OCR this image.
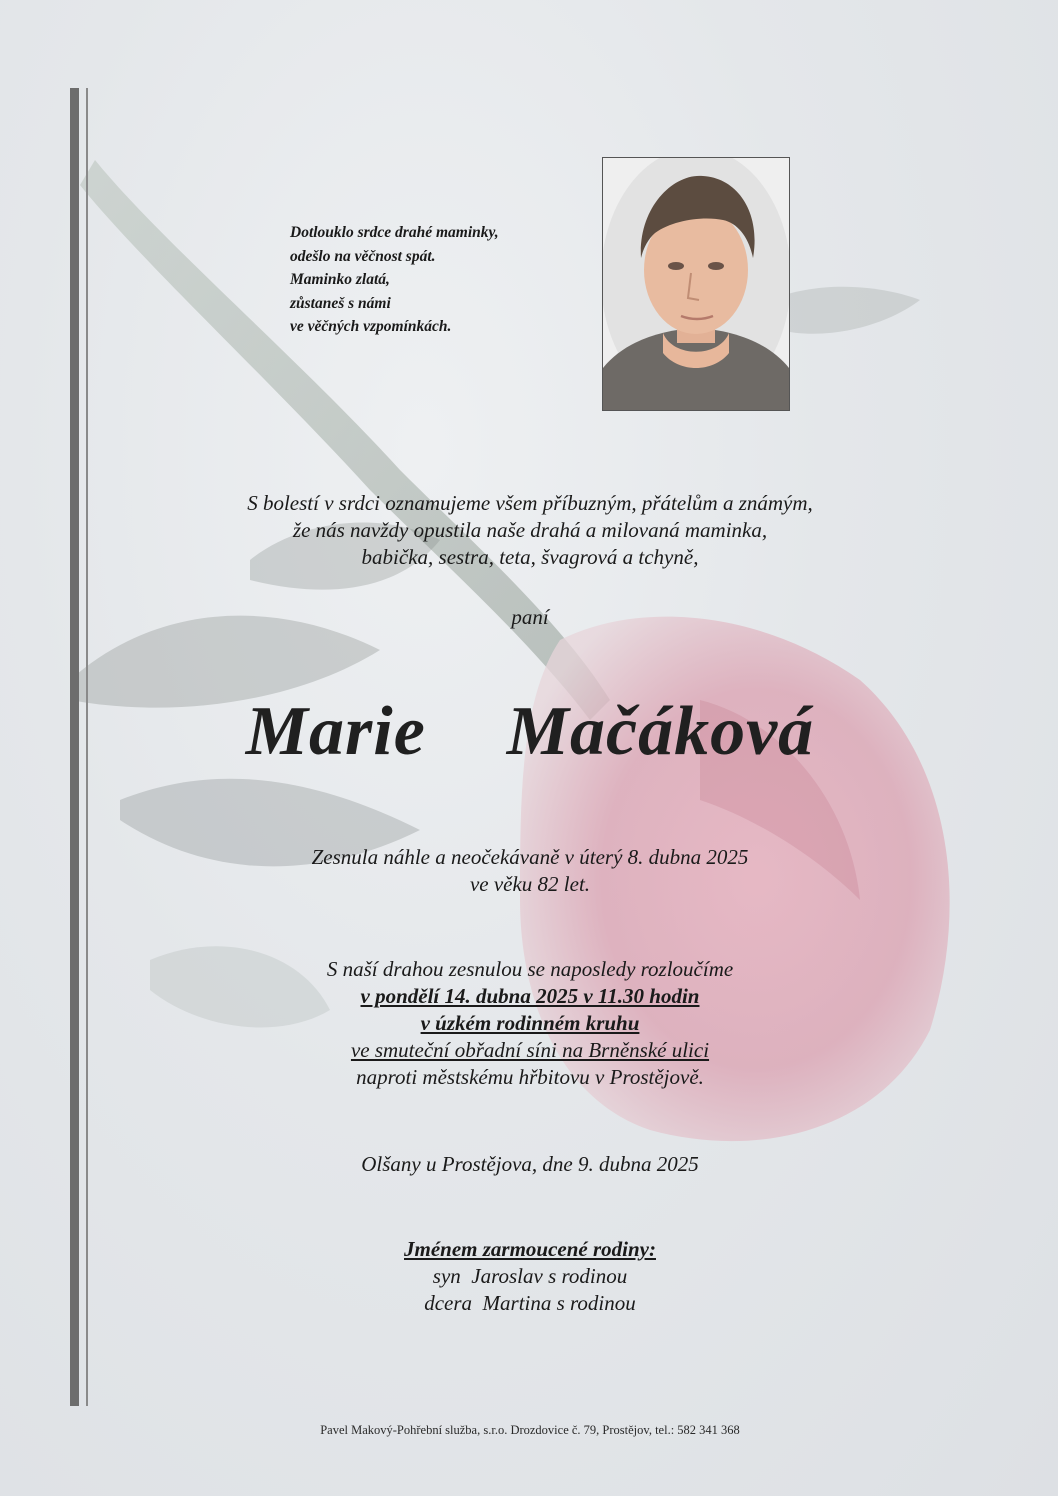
Dotlouklo srdce drahé maminky,
odešlo na věčnost spát.
Maminko zlatá,
zůstaneš s námi
ve věčných vzpomínkách.
S bolestí v srdci oznamujeme všem příbuzným, přátelům a známým,
že nás navždy opustila naše drahá a milovaná maminka,
babička, sestra, teta, švagrová a tchyně,
paní
Marie  Mačáková
Zesnula náhle a neočekávaně v úterý 8. dubna 2025
ve věku 82 let.
S naší drahou zesnulou se naposledy rozloučíme
v pondělí 14. dubna 2025 v 11.30 hodin
v úzkém rodinném kruhu
ve smuteční obřadní síni na Brněnské ulici
naproti městskému hřbitovu v Prostějově.
Olšany u Prostějova, dne 9. dubna 2025
Jménem zarmoucené rodiny:
syn  Jaroslav s rodinou
dcera  Martina s rodinou
Pavel Makový-Pohřební služba, s.r.o. Drozdovice č. 79, Prostějov, tel.: 582 341 368
